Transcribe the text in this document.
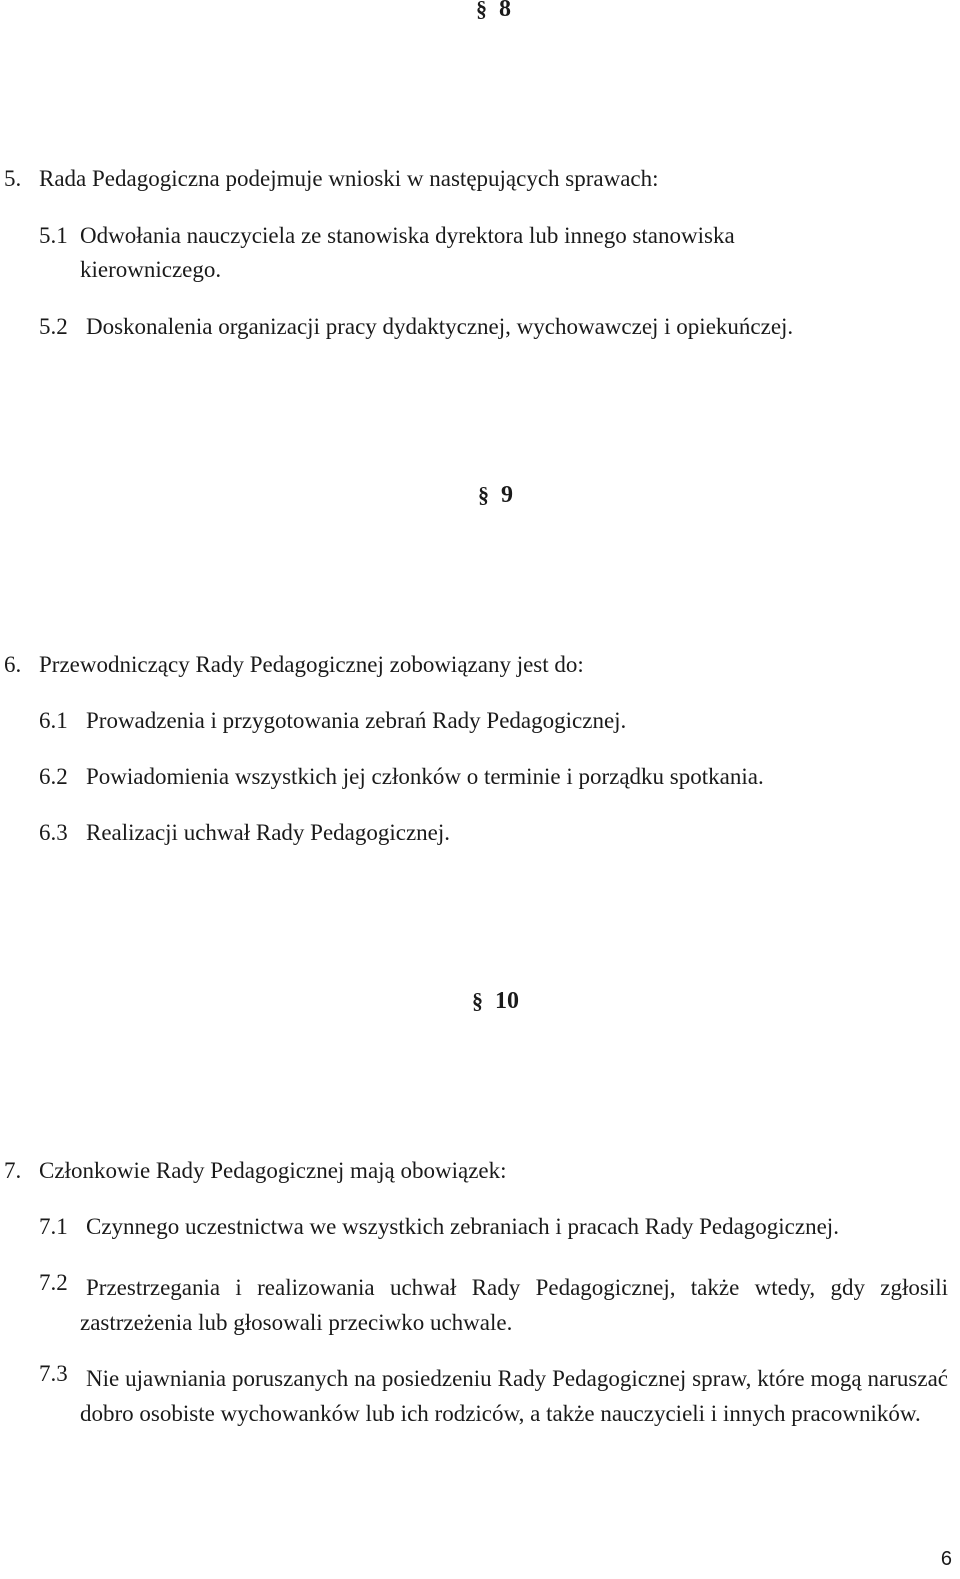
§ 8
5. Rada Pedagogiczna podejmuje wnioski w następujących sprawach:
5.1 Odwołania nauczyciela ze stanowiska dyrektora lub innego stanowiska
kierowniczego.
5.2 Doskonalenia organizacji pracy dydaktycznej, wychowawczej i opiekuńczej.
§ 9
6. Przewodniczący Rady Pedagogicznej zobowiązany jest do:
6.1 Prowadzenia i przygotowania zebrań Rady Pedagogicznej.
6.2 Powiadomienia wszystkich jej członków o terminie i porządku spotkania.
6.3 Realizacji uchwał Rady Pedagogicznej.
§ 10
7. Członkowie Rady Pedagogicznej mają obowiązek:
7.1 Czynnego uczestnictwa we wszystkich zebraniach i pracach Rady Pedagogicznej.
7.2 Przestrzegania i realizowania uchwał Rady Pedagogicznej, także wtedy, gdy zgłosili zastrzeżenia lub głosowali przeciwko uchwale.
7.3 Nie ujawniania poruszanych na posiedzeniu Rady Pedagogicznej spraw, które mogą naruszać dobro osobiste wychowanków lub ich rodziców, a także nauczycieli i innych pracowników.
6
